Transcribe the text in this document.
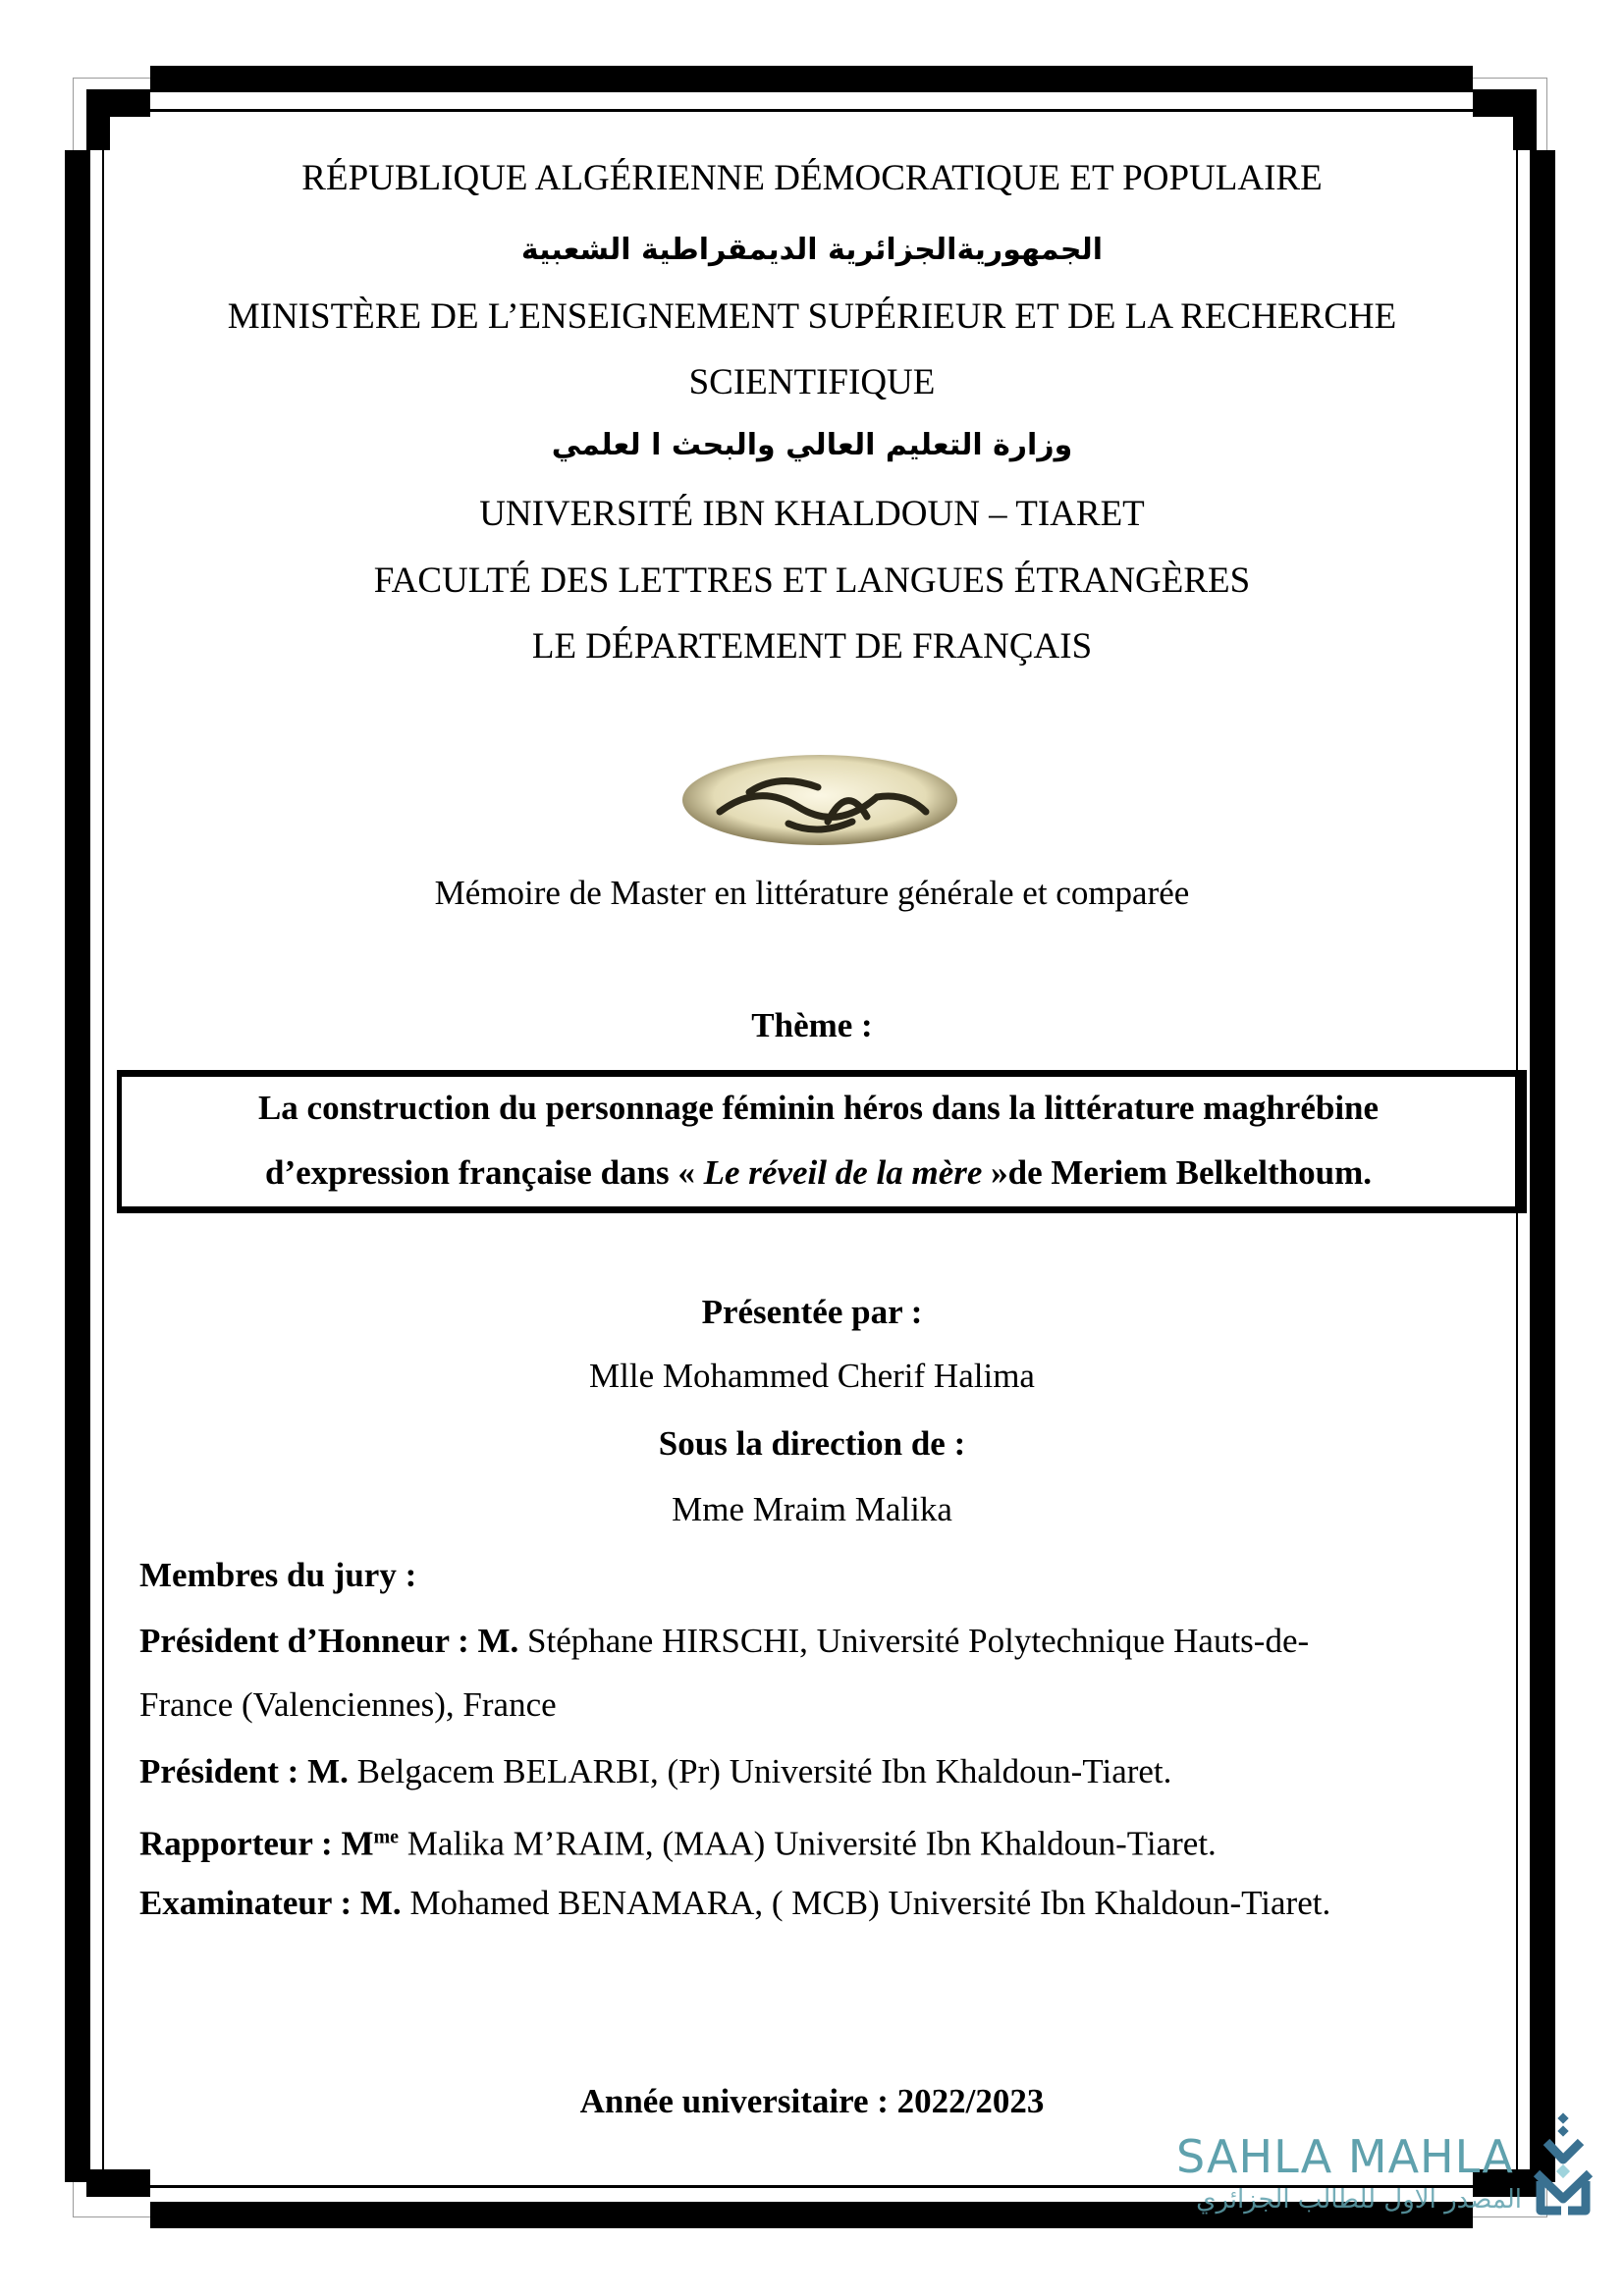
RÉPUBLIQUE ALGÉRIENNE DÉMOCRATIQUE ET POPULAIRE
الجمهوريةالجزائرية الديمقراطية الشعبية
MINISTÈRE DE L’ENSEIGNEMENT SUPÉRIEUR ET DE LA RECHERCHE
SCIENTIFIQUE
وزارة التعليم العالي والبحث ا لعلمي
UNIVERSITÉ IBN KHALDOUN – TIARET
FACULTÉ DES LETTRES ET LANGUES ÉTRANGÈRES
LE DÉPARTEMENT DE FRANÇAIS
Mémoire de Master en littérature générale et comparée
Thème :
La construction du personnage féminin héros dans la littérature maghrébine
d’expression française dans « Le réveil de la mère »de Meriem Belkelthoum.
Présentée par :
Mlle Mohammed Cherif Halima
Sous la direction de :
Mme Mraim Malika
Membres du jury :
Président d’Honneur : M. Stéphane HIRSCHI, Université Polytechnique Hauts-de-
France (Valenciennes), France
Président : M. Belgacem BELARBI, (Pr) Université Ibn Khaldoun-Tiaret.
Rapporteur : $M^{me}$ Malika M’RAIM, (MAA) Université Ibn Khaldoun-Tiaret.
Examinateur : M. Mohamed BENAMARA, ( MCB) Université Ibn Khaldoun-Tiaret.
Année universitaire : 2022/2023
SAHLA MAHLA
المصدر الاول للطالب الجزائري
